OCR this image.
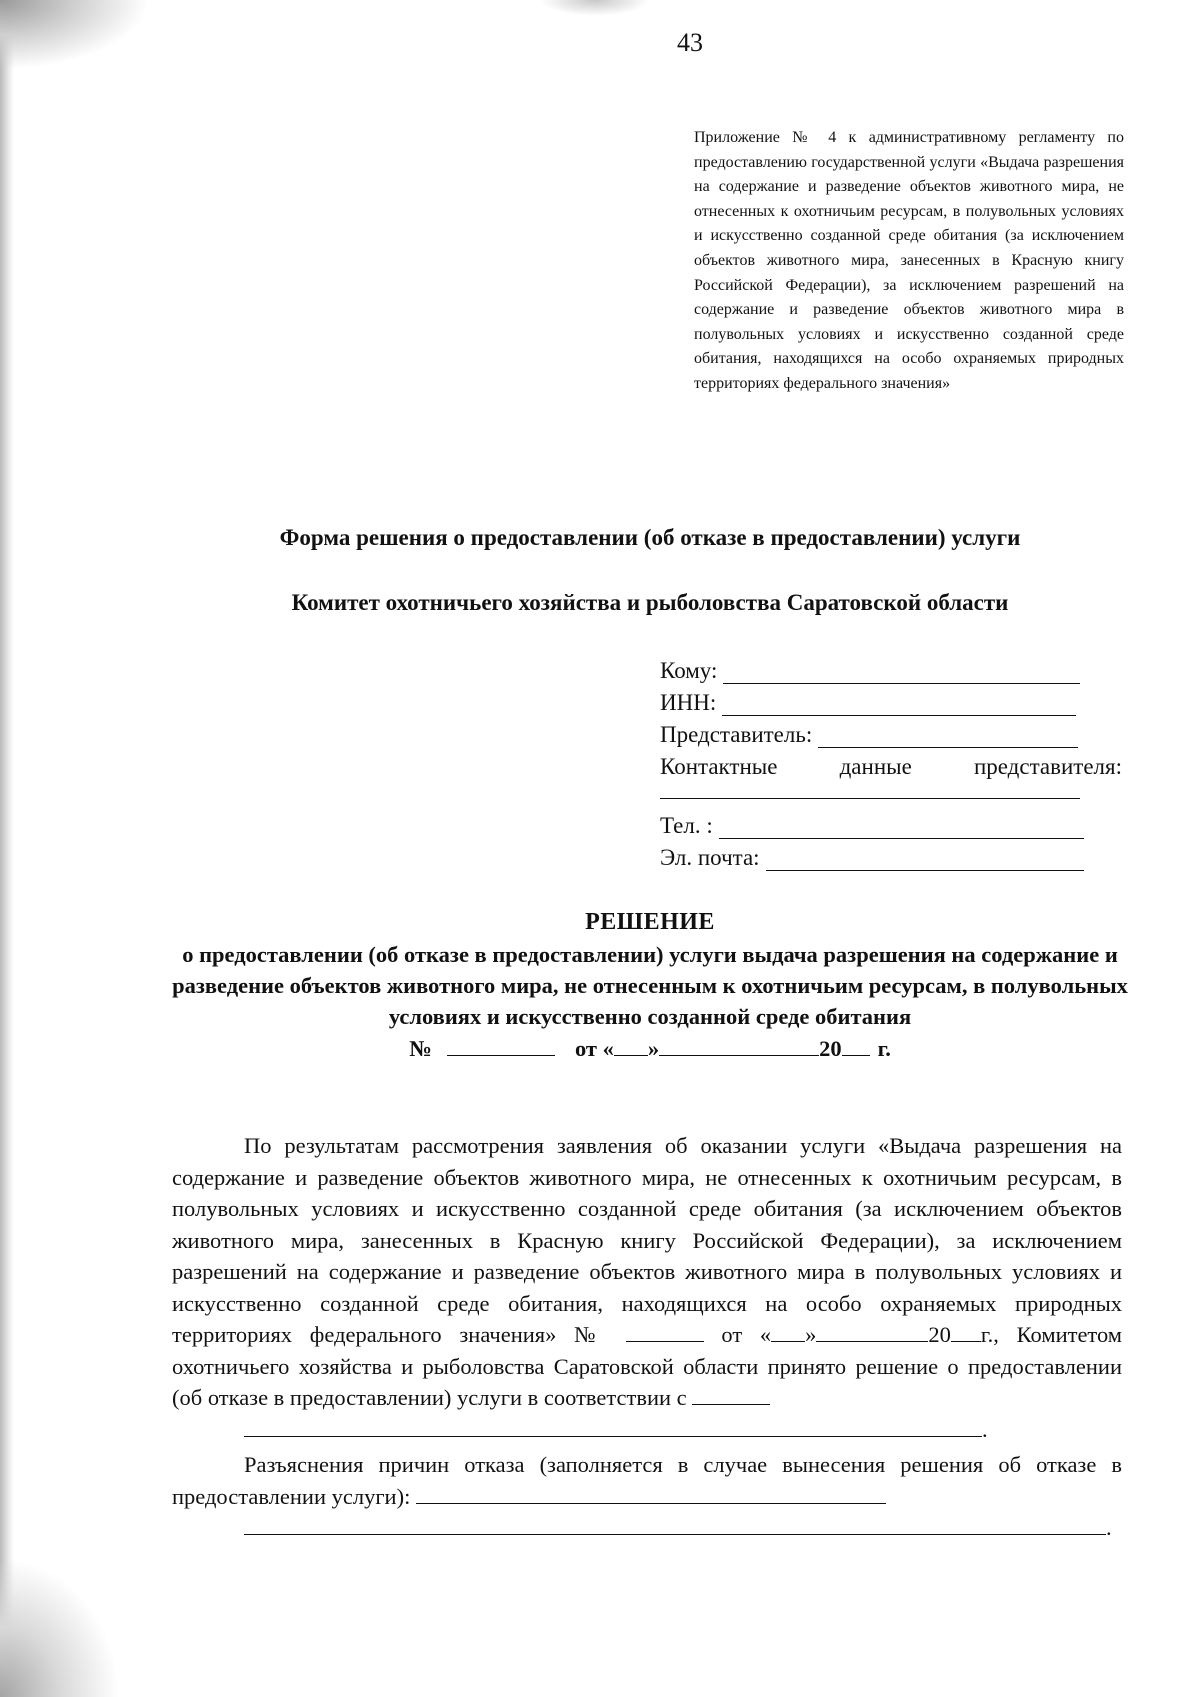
43
Приложение № 4 к административному регламенту по предоставлению государственной услуги «Выдача разрешения на содержание и разведение объектов животного мира, не отнесенных к охотничьим ресурсам, в полувольных условиях и искусственно созданной среде обитания (за исключением объектов животного мира, занесенных в Красную книгу Российской Федерации), за исключением разрешений на содержание и разведение объектов животного мира в полувольных условиях и искусственно созданной среде обитания, находящихся на особо охраняемых природных территориях федерального значения»
Форма решения о предоставлении (об отказе в предоставлении) услуги
Комитет охотничьего хозяйства и рыболовства Саратовской области
Кому:
ИНН:
Представитель:
Контактные	данные	представителя:
Тел. :
Эл. почта:
РЕШЕНИЕ
о предоставлении (об отказе в предоставлении) услуги выдача разрешения на содержание и разведение объектов животного мира, не отнесенным к охотничьим ресурсам, в полувольных условиях и искусственно созданной среде обитания
№	от « »	20 г.

По результатам рассмотрения заявления об оказании услуги «Выдача разрешения на содержание и разведение объектов животного мира, не отнесенных к охотничьим ресурсам, в полувольных условиях и искусственно созданной среде обитания (за исключением объектов животного мира, занесенных в Красную книгу Российской Федерации), за исключением разрешений на содержание и разведение объектов животного мира в полувольных условиях и искусственно созданной среде обитания, находящихся на особо охраняемых природных территориях федерального значения» №	от « »	20 г., Комитетом охотничьего хозяйства и рыболовства Саратовской области принято решение о предоставлении (об отказе в предоставлении) услуги в соответствии с
.

Разъяснения причин отказа (заполняется в случае вынесения решения об отказе в предоставлении услуги):
.
